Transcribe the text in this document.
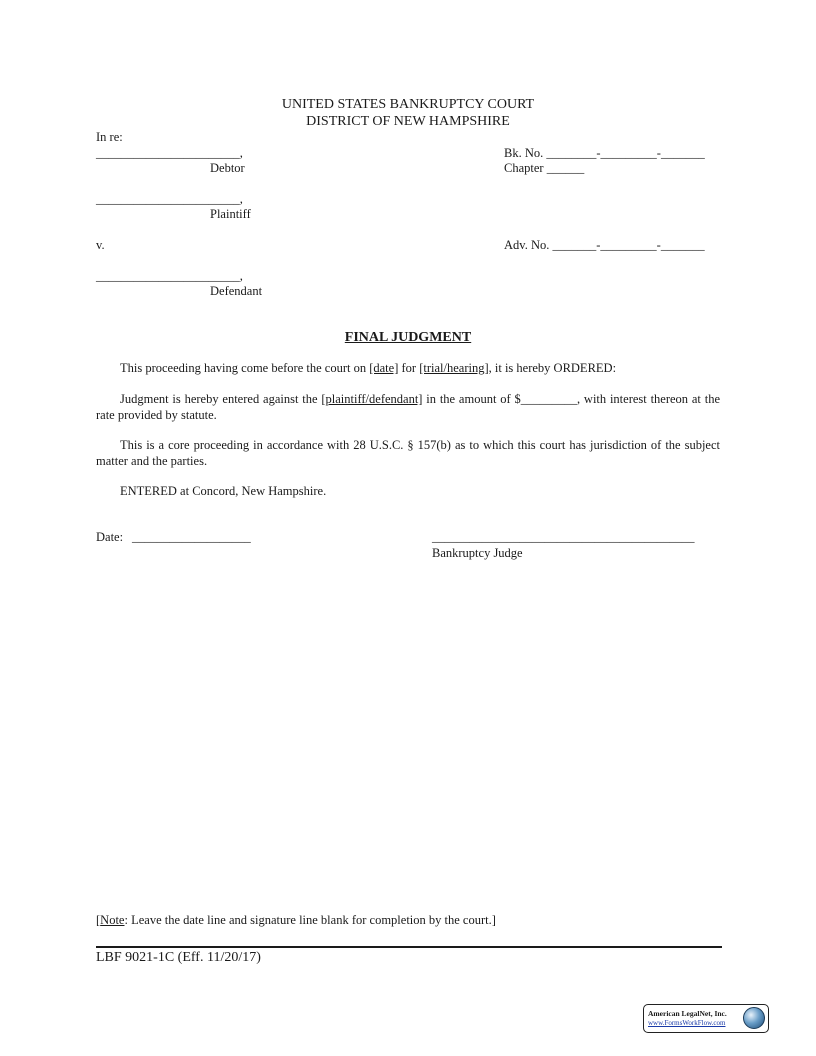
UNITED STATES BANKRUPTCY COURT
DISTRICT OF NEW HAMPSHIRE
In re:
_______________________,
Debtor
Bk. No. ________-_________-_______
Chapter ______
_______________________,
Plaintiff
v.	Adv. No. _______-_________-_______
_______________________,
Defendant
FINAL JUDGMENT
This proceeding having come before the court on [date] for [trial/hearing], it is hereby ORDERED:
Judgment is hereby entered against the [plaintiff/defendant] in the amount of $_________, with interest thereon at the rate provided by statute.
This is a core proceeding in accordance with 28 U.S.C. § 157(b) as to which this court has jurisdiction of the subject matter and the parties.
ENTERED at Concord, New Hampshire.
Date: ___________________	__________________________________________
Bankruptcy Judge
[Note: Leave the date line and signature line blank for completion by the court.]
LBF 9021-1C (Eff. 11/20/17)
American LegalNet, Inc.
www.FormsWorkFlow.com
